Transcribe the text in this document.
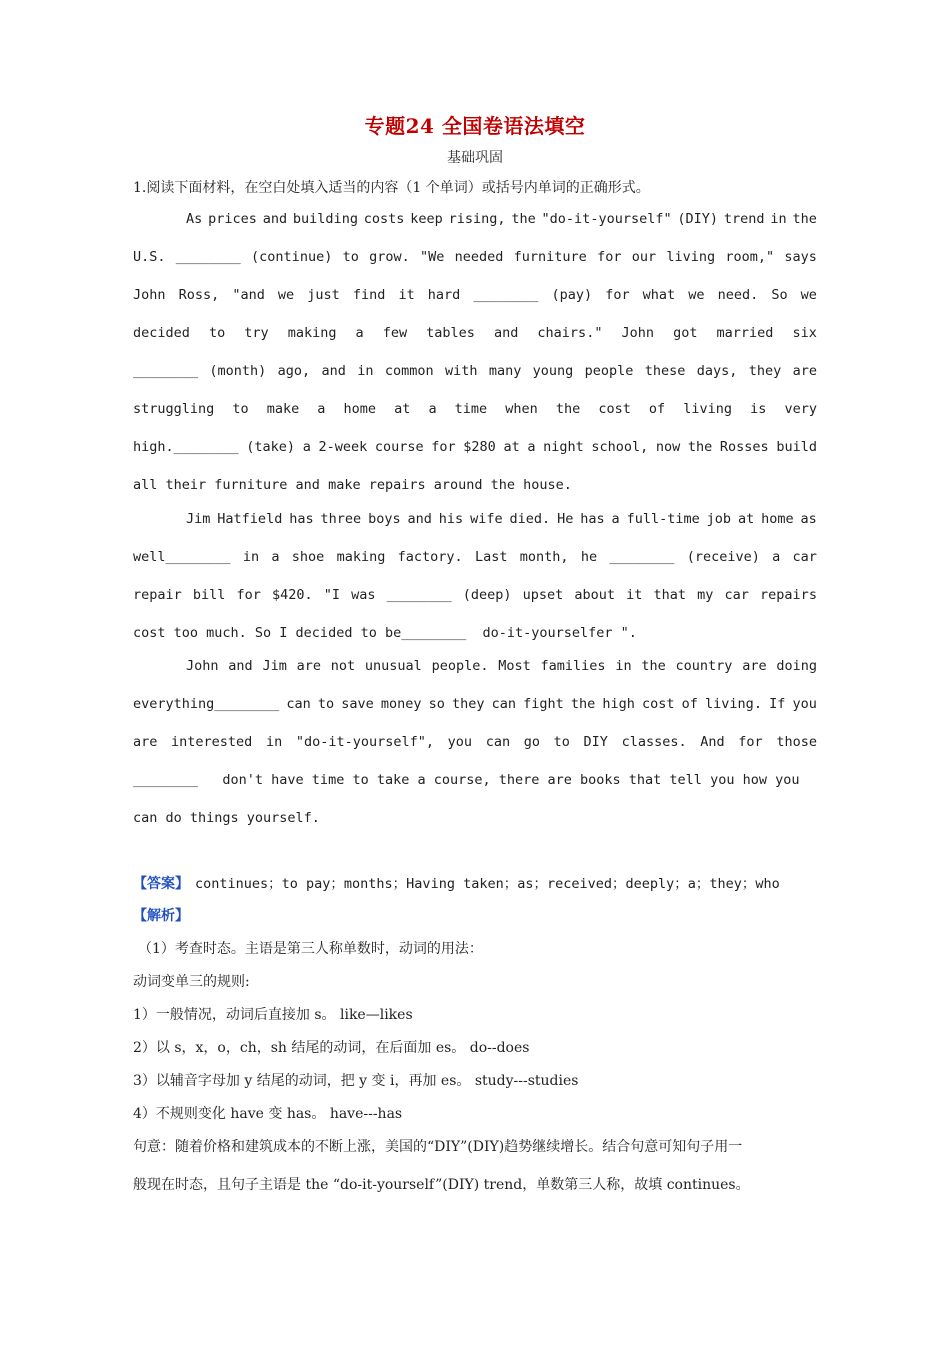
专题24 全国卷语法填空
基础巩固
1.阅读下面材料，在空白处填入适当的内容（1 个单词）或括号内单词的正确形式。
As prices and building costs keep rising, the "do-it-yourself" (DIY) trend in the
U.S. ________ (continue) to grow. "We needed furniture for our living room," says
John Ross, "and we just find it hard ________ (pay) for what we need. So we
decided to try making a few tables and chairs." John got married six
________ (month) ago, and in common with many young people these days, they are
struggling to make a home at a time when the cost of living is very
high.________ (take) a 2-week course for $280 at a night school, now the Rosses build
all their furniture and make repairs around the house.
Jim Hatfield has three boys and his wife died. He has a full-time job at home as
well________ in a shoe making factory. Last month, he ________ (receive) a car
repair bill for $420. "I was ________ (deep) upset about it that my car repairs
cost too much. So I decided to be________  do-it-yourselfer ".
John and Jim are not unusual people. Most families in the country are doing
everything________ can to save money so they can fight the high cost of living. If you
are interested in "do-it-yourself", you can go to DIY classes. And for those
________   don't have time to take a course, there are books that tell you how you
can do things yourself.
【答案】 continues；to pay；months；Having taken；as；received；deeply；a；they；who
【解析】
（1）考查时态。主语是第三人称单数时，动词的用法：
动词变单三的规则:
1）一般情况，动词后直接加 s。 like—likes
2）以 s，x，o，ch，sh 结尾的动词，在后面加 es。 do--does
3）以辅音字母加 y 结尾的动词，把 y 变 i，再加 es。 study---studies
4）不规则变化 have 变 has。 have---has
句意：随着价格和建筑成本的不断上涨，美国的“DIY”(DIY)趋势继续增长。结合句意可知句子用一
般现在时态，且句子主语是 the “do-it-yourself”(DIY) trend，单数第三人称，故填 continues。
